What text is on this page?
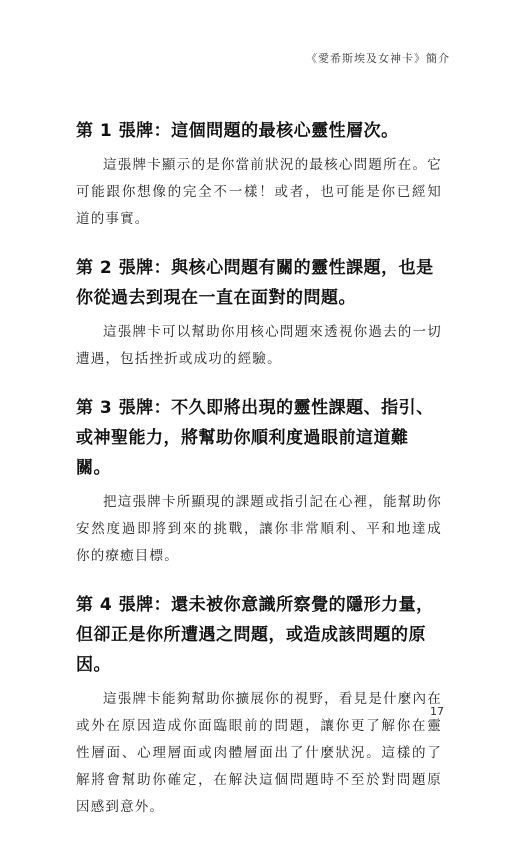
《愛希斯埃及女神卡》簡介
第 1 張牌：這個問題的最核心靈性層次。

這張牌卡顯示的是你當前狀況的最核心問題所在。它可能跟你想像的完全不一樣！或者，也可能是你已經知道的事實。

第 2 張牌：與核心問題有關的靈性課題，也是你從過去到現在一直在面對的問題。

這張牌卡可以幫助你用核心問題來透視你過去的一切遭遇，包括挫折或成功的經驗。

第 3 張牌：不久即將出現的靈性課題、指引、或神聖能力，將幫助你順利度過眼前這道難關。

把這張牌卡所顯現的課題或指引記在心裡，能幫助你安然度過即將到來的挑戰，讓你非常順利、平和地達成你的療癒目標。

第 4 張牌：還未被你意識所察覺的隱形力量，但卻正是你所遭遇之問題，或造成該問題的原因。

這張牌卡能夠幫助你擴展你的視野，看見是什麼內在或外在原因造成你面臨眼前的問題，讓你更了解你在靈性層面、心理層面或肉體層面出了什麼狀況。這樣的了解將會幫助你確定，在解決這個問題時不至於對問題原因感到意外。

17
